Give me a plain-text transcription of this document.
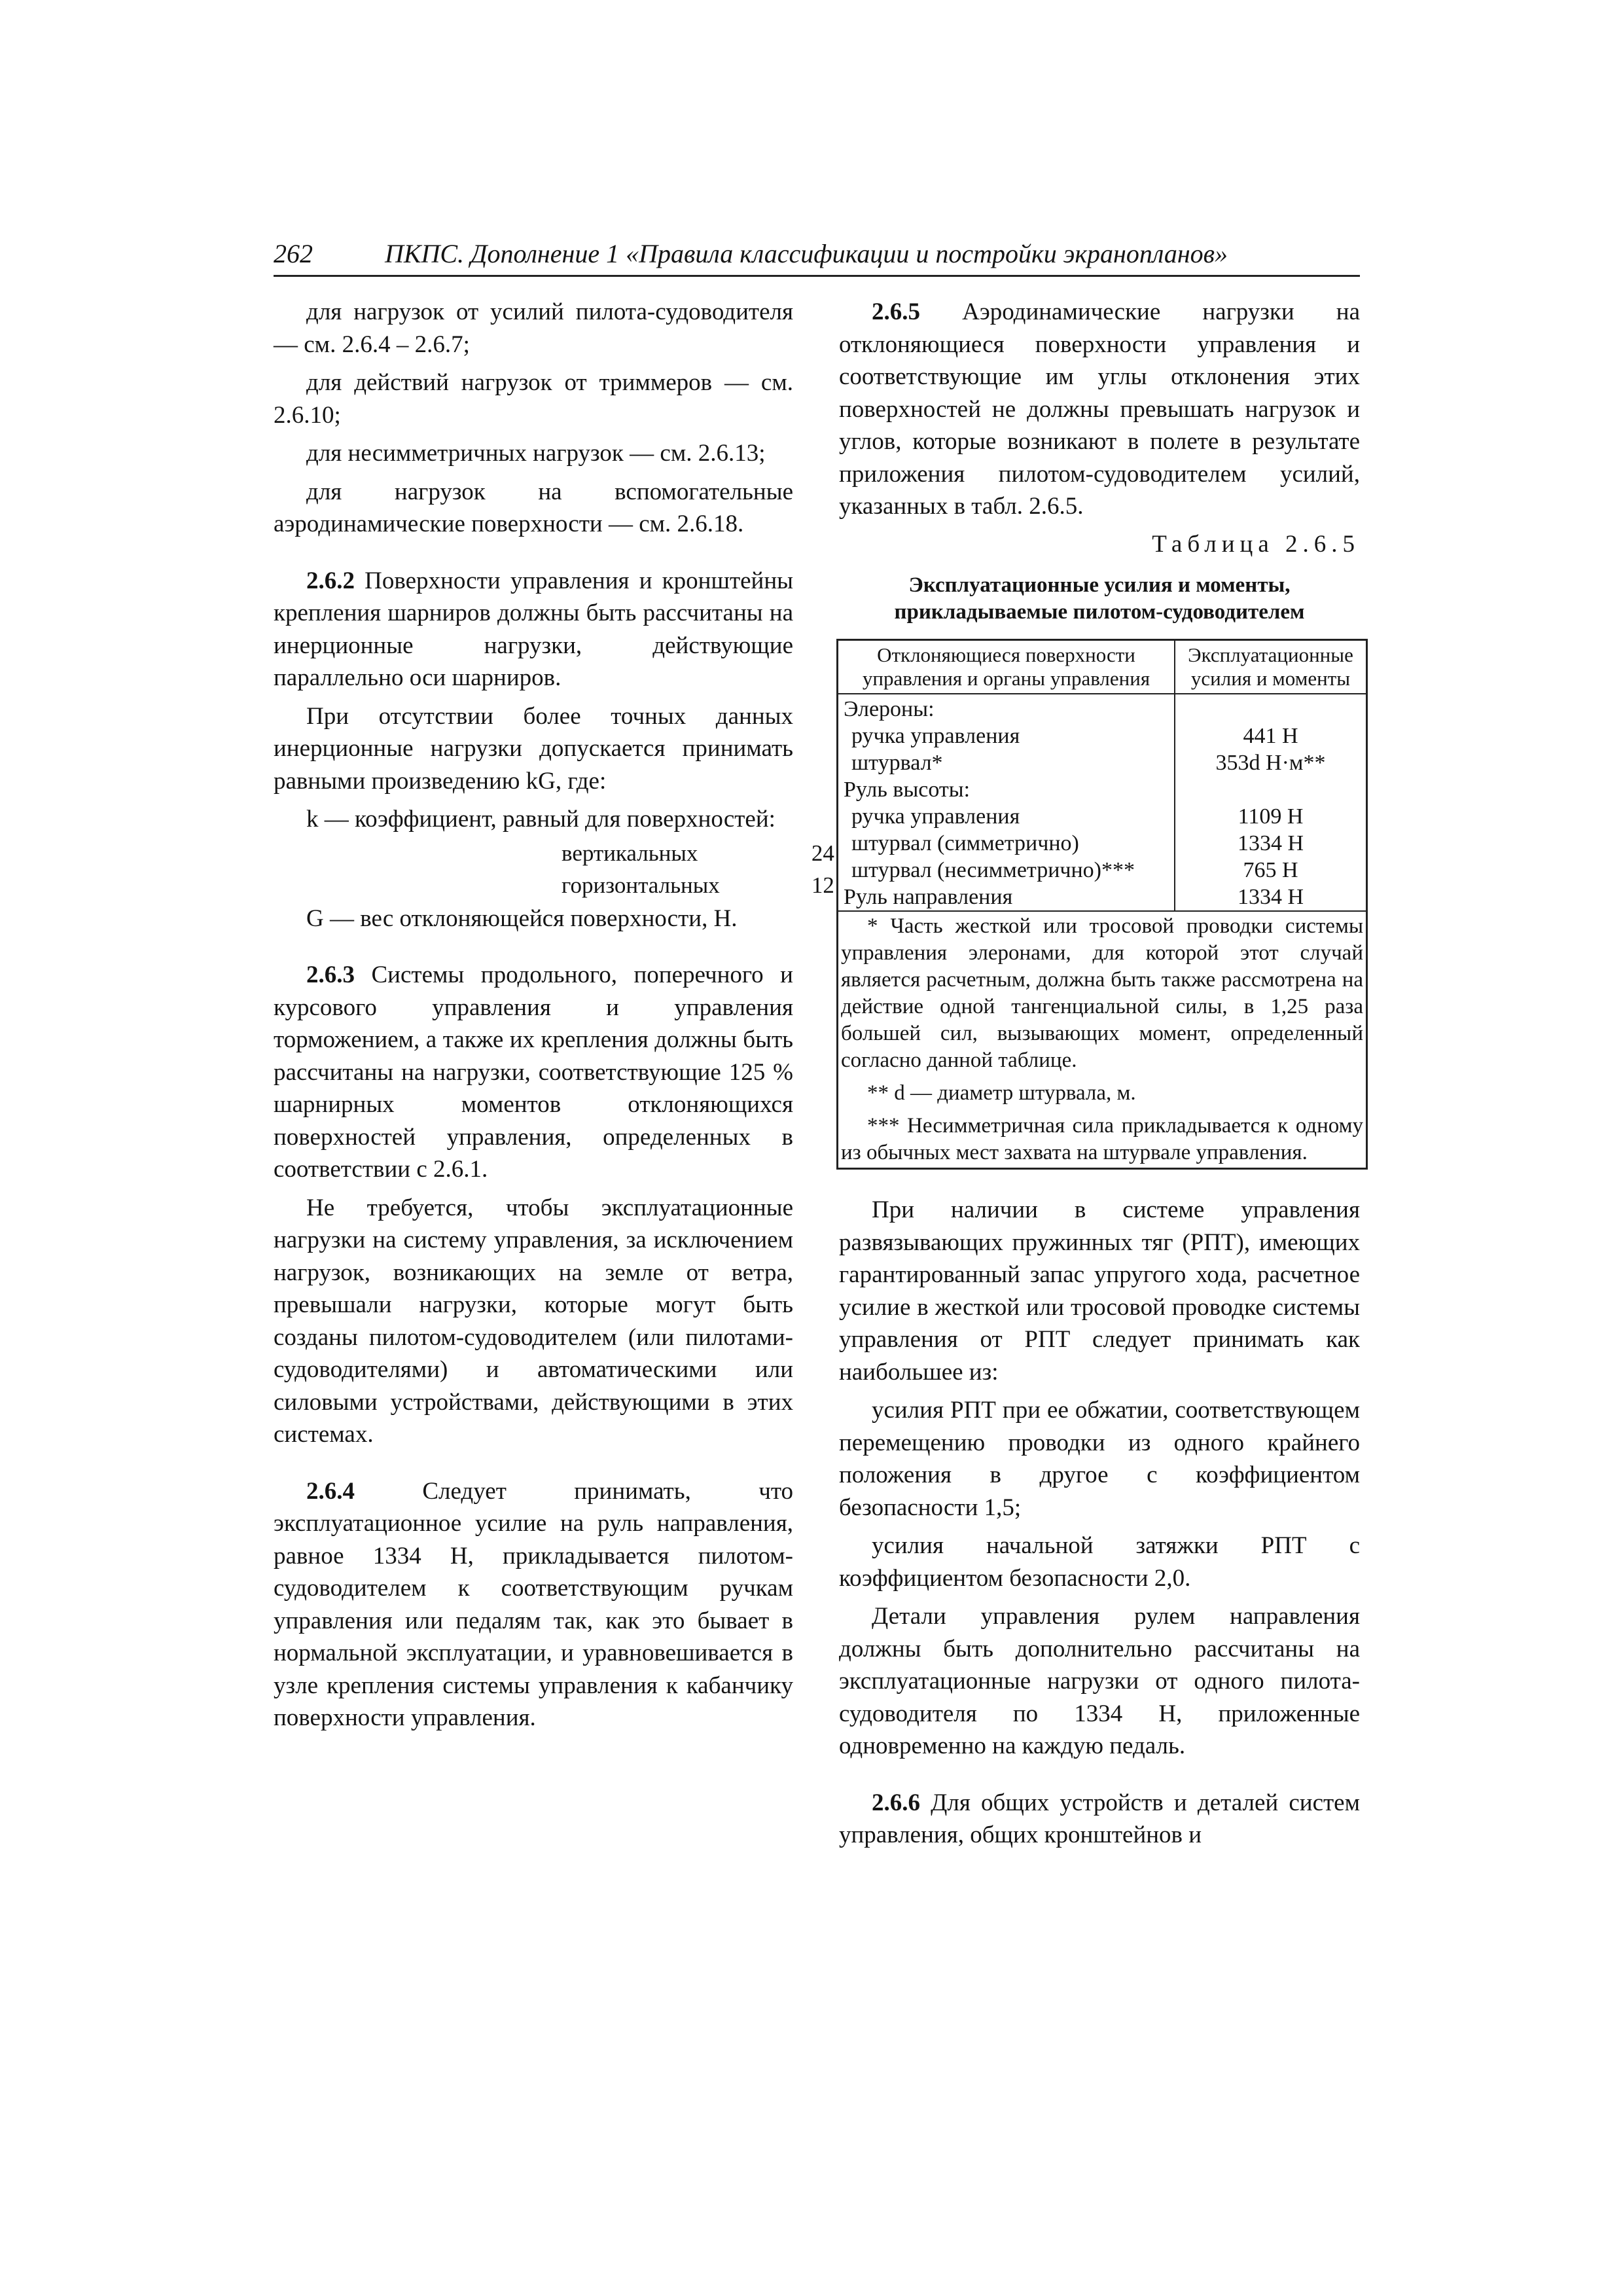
262	ПКПС. Дополнение 1 «Правила классификации и постройки экранопланов»

для нагрузок от усилий пилота-судоводителя — см. 2.6.4 – 2.6.7;

для действий нагрузок от триммеров — см. 2.6.10;

для несимметричных нагрузок — см. 2.6.13;

для нагрузок на вспомогательные аэродинамические поверхности — см. 2.6.18.

2.6.2 Поверхности управления и кронштейны крепления шарниров должны быть рассчитаны на инерционные нагрузки, действующие параллельно оси шарниров.

При отсутствии более точных данных инерционные нагрузки допускается принимать равными произведению kG, где:

k — коэффициент, равный для поверхностей:

вертикальных	24
горизонтальных	12

G — вес отклоняющейся поверхности, Н.

2.6.3 Системы продольного, поперечного и курсового управления и управления торможением, а также их крепления должны быть рассчитаны на нагрузки, соответствующие 125 % шарнирных моментов отклоняющихся поверхностей управления, определенных в соответствии с 2.6.1.

Не требуется, чтобы эксплуатационные нагрузки на систему управления, за исключением нагрузок, возникающих на земле от ветра, превышали нагрузки, которые могут быть созданы пилотом-судоводителем (или пилотами-судоводителями) и автоматическими или силовыми устройствами, действующими в этих системах.

2.6.4 Следует принимать, что эксплуатационное усилие на руль направления, равное 1334 Н, прикладывается пилотом-судоводителем к соответствующим ручкам управления или педалям так, как это бывает в нормальной эксплуатации, и уравновешивается в узле крепления системы управления к кабанчику поверхности управления.

2.6.5 Аэродинамические нагрузки на отклоняющиеся поверхности управления и соответствующие им углы отклонения этих поверхностей не должны превышать нагрузок и углов, которые возникают в полете в результате приложения пилотом-судоводителем усилий, указанных в табл. 2.6.5.

Таблица 2.6.5

Эксплуатационные усилия и моменты, прикладываемые пилотом-судоводителем

Отклоняющиеся поверхности управления и органы управления	Эксплуатационные усилия и моменты
Элероны:	
ручка управления	441 Н
штурвал*	353d Н·м**
Руль высоты:	
ручка управления	1109 Н
штурвал (симметрично)	1334 Н
штурвал (несимметрично)***	765 Н
Руль направления	1334 Н

* Часть жесткой или тросовой проводки системы управления элеронами, для которой этот случай является расчетным, должна быть также рассмотрена на действие одной тангенциальной силы, в 1,25 раза большей сил, вызывающих момент, определенный согласно данной таблице.

** d — диаметр штурвала, м.

*** Несимметричная сила прикладывается к одному из обычных мест захвата на штурвале управления.	

При наличии в системе управления развязывающих пружинных тяг (РПТ), имеющих гарантированный запас упругого хода, расчетное усилие в жесткой или тросовой проводке системы управления от РПТ следует принимать как наибольшее из:

усилия РПТ при ее обжатии, соответствующем перемещению проводки из одного крайнего положения в другое с коэффициентом безопасности 1,5;

усилия начальной затяжки РПТ с коэффициентом безопасности 2,0.

Детали управления рулем направления должны быть дополнительно рассчитаны на эксплуатационные нагрузки от одного пилота-судоводителя по 1334 Н, приложенные одновременно на каждую педаль.

2.6.6 Для общих устройств и деталей систем управления, общих кронштейнов и
